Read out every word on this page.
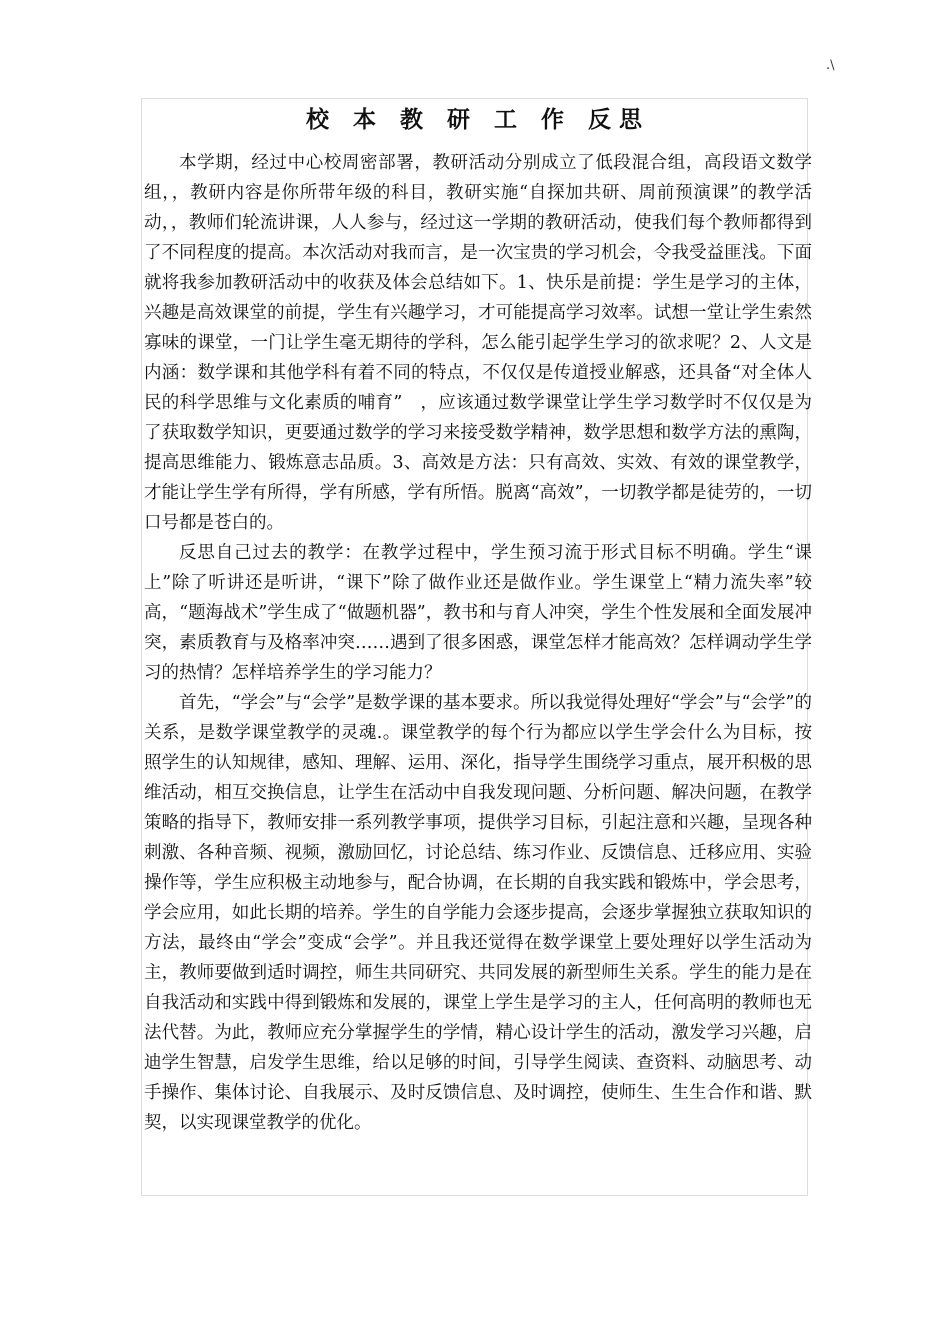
.\
校 本 教 研 工 作 反思

本学期，经过中心校周密部署，教研活动分别成立了低段混合组，高段语文数学组，，教研内容是你所带年级的科目，教研实施“自探加共研、周前预演课”的教学活动，，教师们轮流讲课，人人参与，经过这一学期的教研活动，使我们每个教师都得到了不同程度的提高。本次活动对我而言，是一次宝贵的学习机会，令我受益匪浅。下面就将我参加教研活动中的收获及体会总结如下。1、快乐是前提：学生是学习的主体，兴趣是高效课堂的前提，学生有兴趣学习，才可能提高学习效率。试想一堂让学生索然寡味的课堂，一门让学生毫无期待的学科，怎么能引起学生学习的欲求呢？2、人文是内涵：数学课和其他学科有着不同的特点，不仅仅是传道授业解惑，还具备“对全体人民的科学思维与文化素质的哺育”　，应该通过数学课堂让学生学习数学时不仅仅是为了获取数学知识，更要通过数学的学习来接受数学精神，数学思想和数学方法的熏陶，提高思维能力、锻炼意志品质。3、高效是方法：只有高效、实效、有效的课堂教学，才能让学生学有所得，学有所感，学有所悟。脱离“高效”，一切教学都是徒劳的，一切口号都是苍白的。

反思自己过去的教学：在教学过程中，学生预习流于形式目标不明确。学生“课上”除了听讲还是听讲，“课下”除了做作业还是做作业。学生课堂上“精力流失率”较高，“题海战术”学生成了“做题机器”，教书和与育人冲突，学生个性发展和全面发展冲突，素质教育与及格率冲突……遇到了很多困惑，课堂怎样才能高效？怎样调动学生学习的热情？怎样培养学生的学习能力？

首先，“学会”与“会学”是数学课的基本要求。所以我觉得处理好“学会”与“会学”的关系，是数学课堂教学的灵魂.。课堂教学的每个行为都应以学生学会什么为目标，按照学生的认知规律，感知、理解、运用、深化，指导学生围绕学习重点，展开积极的思维活动，相互交换信息，让学生在活动中自我发现问题、分析问题、解决问题，在教学策略的指导下，教师安排一系列教学事项，提供学习目标，引起注意和兴趣，呈现各种刺激、各种音频、视频，激励回忆，讨论总结、练习作业、反馈信息、迁移应用、实验操作等，学生应积极主动地参与，配合协调，在长期的自我实践和锻炼中，学会思考，学会应用，如此长期的培养。学生的自学能力会逐步提高，会逐步掌握独立获取知识的方法，最终由“学会”变成“会学”。并且我还觉得在数学课堂上要处理好以学生活动为主，教师要做到适时调控，师生共同研究、共同发展的新型师生关系。学生的能力是在自我活动和实践中得到锻炼和发展的，课堂上学生是学习的主人，任何高明的教师也无法代替。为此，教师应充分掌握学生的学情，精心设计学生的活动，激发学习兴趣，启迪学生智慧，启发学生思维，给以足够的时间，引导学生阅读、查资料、动脑思考、动手操作、集体讨论、自我展示、及时反馈信息、及时调控，使师生、生生合作和谐、默契，以实现课堂教学的优化。
